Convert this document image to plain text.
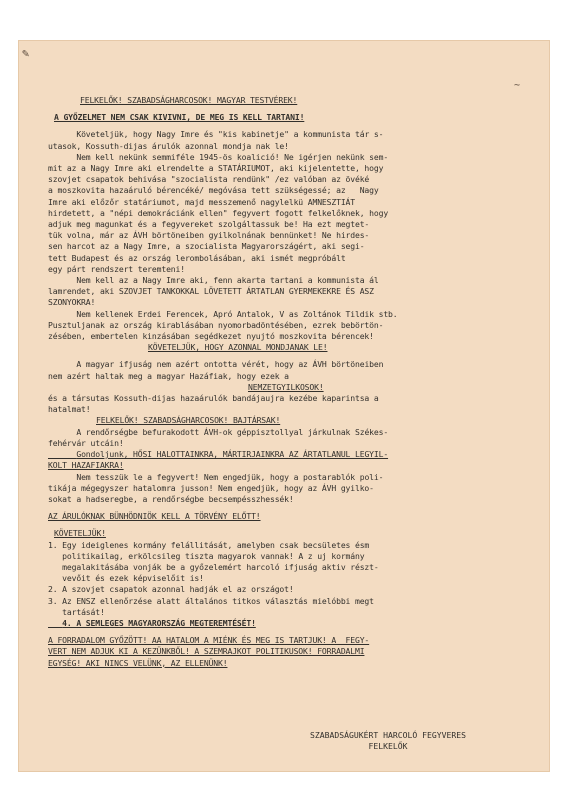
✎
~

FELKELŐK! SZABADSÁGHARCOSOK! MAGYAR TESTVÉREK!

A GYŐZELMET NEM CSAK KIVIVNI, DE MEG IS KELL TARTANI!

Követeljük, hogy Nagy Imre és "kis kabinetje" a kommunista tár s-

utasok, Kossuth-dijas árulók azonnal mondja nak le!

Nem kell nekünk semmiféle 1945-ös koalició! Ne igérjen nekünk sem-

mit az a Nagy Imre aki elrendelte a STATÁRIUMOT, aki kijelentette, hogy

szovjet csapatok behivása "szocialista rendünk" /ez valóban az övéké

a moszkovita hazaáruló bérencéké/ megóvása tett szükségessé; az   Nagy

Imre aki előzőr statáriumot, majd messzemenő nagylelkü AMNESZTIÁT

hirdetett, a "népi demokráciánk ellen" fegyvert fogott felkelőknek, hogy

adjuk meg magunkat és a fegyvereket szolgáltassuk be! Ha ezt megtet-

tük volna, már az ÁVH börtöneiben gyilkolnának bennünket! Ne hirdes-

sen harcot az a Nagy Imre, a szocialista Magyarországért, aki segi-

tett Budapest és az ország lerombolásában, aki ismét megpróbált

egy párt rendszert teremteni!

Nem kell az a Nagy Imre aki, fenn akarta tartani a kommunista ál

lamrendet, aki SZOVJET TANKOKKAL LÖVETETT ÁRTATLAN GYERMEKEKRE ÉS ASZ

SZONYOKRA!

Nem kellenek Erdei Ferencek, Apró Antalok, V as Zoltánok Tildik stb.

Pusztuljanak az ország kirablásában nyomorbadöntésében, ezrek bebörtön-

zésében, embertelen kinzásában segédkezet nyujtó moszkovita bérencek!

KÖVETELJÜK, HOGY AZONNAL MONDJANAK LE!

A magyar ifjuság nem azért ontotta vérét, hogy az ÁVH börtöneiben

nem azért haltak meg a magyar Hazáfiak, hogy ezek a

NEMZETGYILKOSOK!

és a társutas Kossuth-dijas hazaárulók bandájaujra kezébe kaparintsa a

hatalmat!

FELKELŐK! SZABADSÁGHARCOSOK! BAJTÁRSAK!

A rendőrségbe befurakodott ÁVH-ok géppisztollyal járkulnak Székes-

fehérvár utcáin!

Gondoljunk, HŐSI HALOTTAINKRA, MÁRTIRJAINKRA AZ ÁRTATLANUL LEGYIL-

KOLT HAZAFIAKRA!

Nem tesszük le a fegyvert! Nem engedjük, hogy a postarablók poli-

tikája mégegyszer hatalomra jusson! Nem engedjük, hogy az ÁVH gyilko-

sokat a hadseregbe, a rendőrségbe becsempésszhessék!

AZ ÁRULÓKNAK BÜNHÖDNIÖK KELL A TÖRVÉNY ELŐTT!

KÖVETELJÜK!

1. Egy ideiglenes kormány felállitását, amelyben csak becsületes ésm

politikailag, erkölcsileg tiszta magyarok vannak! A z uj kormány

megalakitásába vonják be a győzelemért harcoló ifjuság aktiv részt-

vevőit és ezek képviselőit is!

2. A szovjet csapatok azonnal hadják el az országot!

3. Az ENSZ ellenőrzése alatt általános titkos választás mielóbbi megt

tartását!

4. A SEMLEGES MAGYARORSZÁG MEGTEREMTÉSÉT!

A FORRADALOM GYŐZÖTT! AA HATALOM A MIÉNK ÉS MEG IS TARTJUK! A  FEGY-

VERT NEM ADJUK KI A KEZÜNKBŐL! A SZEMRAJKOT POLITIKUSOK! FORRADALMI

EGYSÉG! AKI NINCS VELÜNK, AZ ELLENÜNK!

SZABADSÁGUKÉRT HARCOLÓ FEGYVERES

FELKELŐK
